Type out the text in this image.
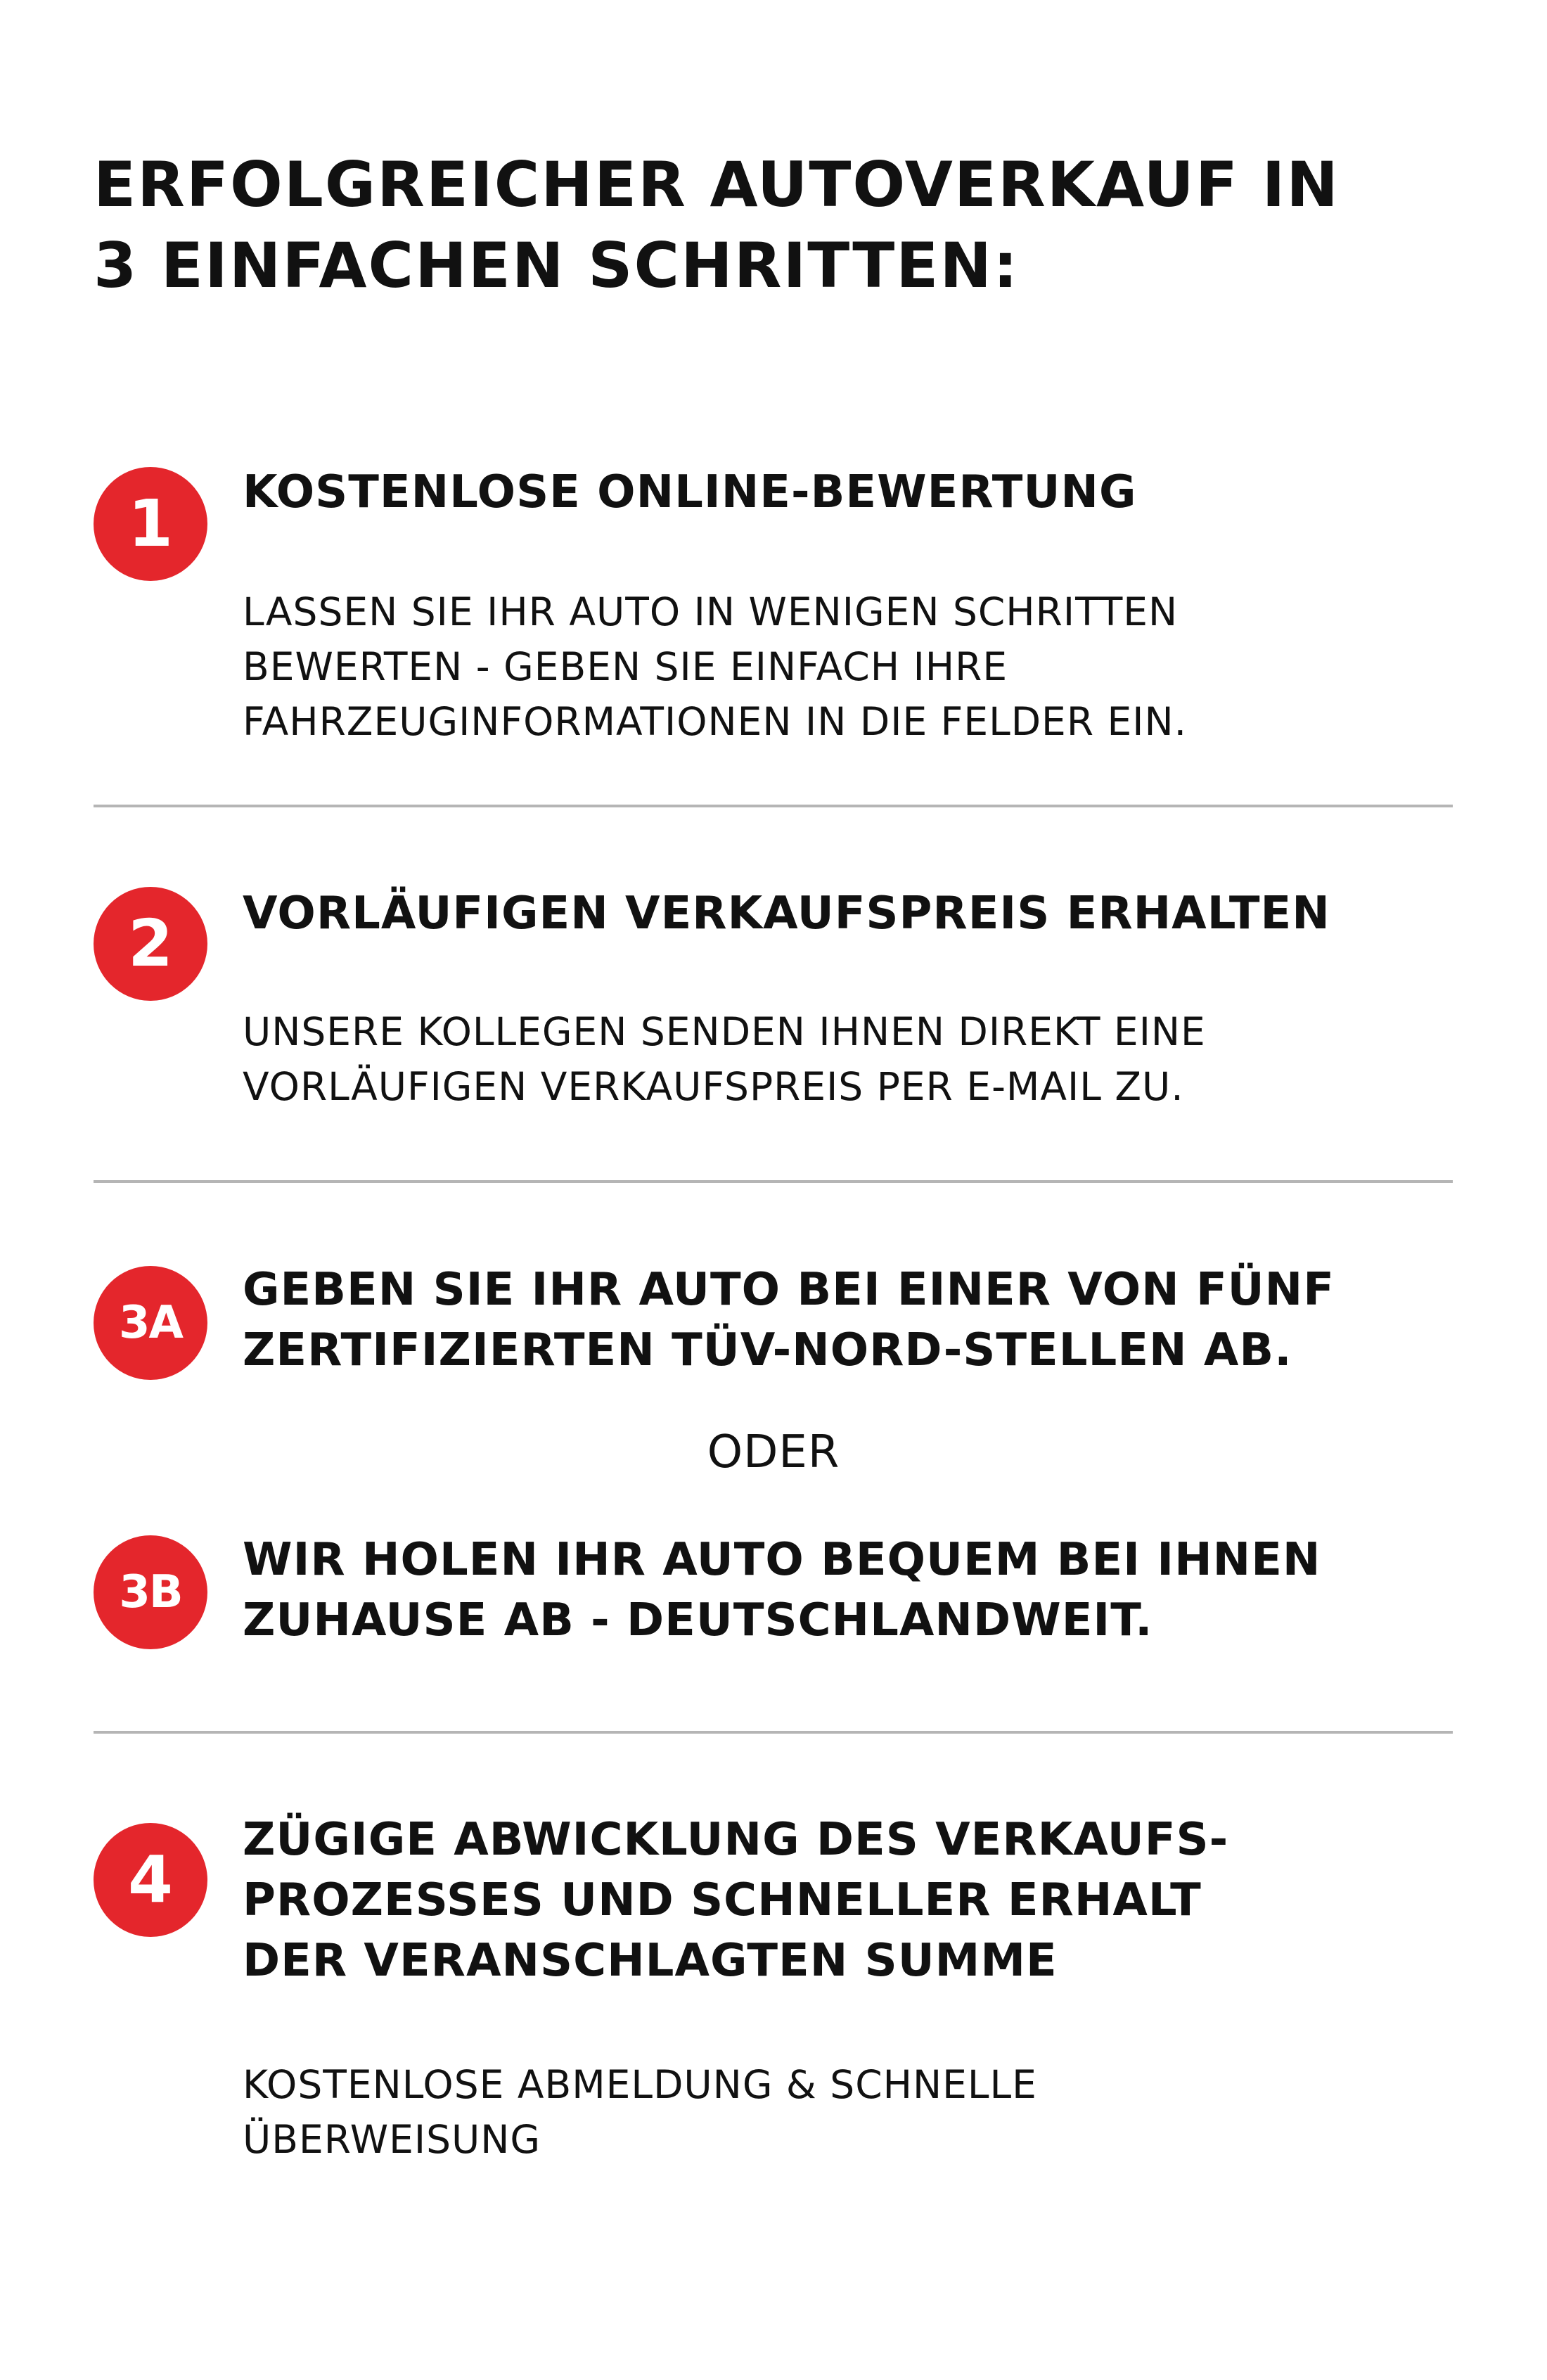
ERFOLGREICHER AUTOVERKAUF IN
3 EINFACHEN SCHRITTEN:
1 KOSTENLOSE ONLINE-BEWERTUNG

LASSEN SIE IHR AUTO IN WENIGEN SCHRITTEN
BEWERTEN - GEBEN SIE EINFACH IHRE
FAHRZEUGINFORMATIONEN IN DIE FELDER EIN.

2 VORLÄUFIGEN VERKAUFSPREIS ERHALTEN

UNSERE KOLLEGEN SENDEN IHNEN DIREKT EINE
VORLÄUFIGEN VERKAUFSPREIS PER E-MAIL ZU.

3A
GEBEN SIE IHR AUTO BEI EINER VON FÜNF
ZERTIFIZIERTEN TÜV-NORD-STELLEN AB.
ODER
3B
WIR HOLEN IHR AUTO BEQUEM BEI IHNEN
ZUHAUSE AB - DEUTSCHLANDWEIT.
4
ZÜGIGE ABWICKLUNG DES VERKAUFS-
PROZESSES UND SCHNELLER ERHALT
DER VERANSCHLAGTEN SUMME

KOSTENLOSE ABMELDUNG & SCHNELLE
ÜBERWEISUNG
